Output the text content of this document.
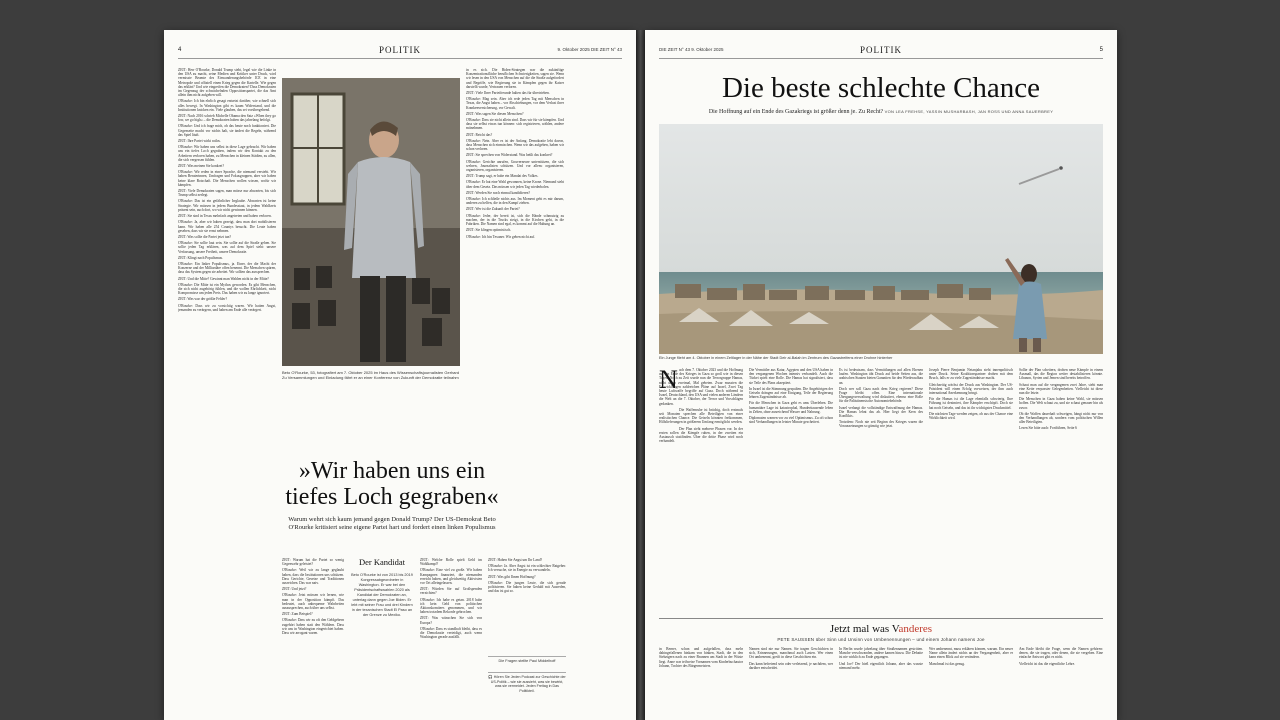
4	POLITIK	9. Oktober 2025 DIE ZEIT N° 43

ZEIT: Herr O'Rourke, Donald Trump sieht, legal wie die Linke in den USA zu macht, seine Medien und Kritiker unter Druck, wird vermisste Beamte des Einwanderungsbehörde ICE in eine Metropole und offiziell einen Krieg gegen die Kartelle. Wie gegen das erklärt? Und wie eingreifen die Demokraten? Dass Demokraten im Gegenzug der schwächelnden Oppositionspartei, die das Amt allein ihm nicht aufgeben will.

O'Rourke: Ich bin ehrlich gesagt entsetzt darüber, wie schnell sich alles bewegt. In Washington gibt es kaum Widerstand, und die Institutionen knicken ein. Viele glauben, das sei vorübergehend.

ZEIT: Nach 2016 schrieb Michelle Obama den Satz »When they go low, we go high« – die Demokraten haben das jahrelang befolgt.

O'Rourke: Und ich frage mich, ob das heute noch funktioniert. Die Gegenseite macht vor nichts halt, sie ändert die Regeln, während das Spiel läuft.

ZEIT: Ihre Partei wirkt ratlos.

O'Rourke: Wir haben uns selbst in diese Lage gebracht. Wir haben uns ein tiefes Loch gegraben, indem wir den Kontakt zu den Arbeitern verloren haben, zu Menschen in kleinen Städten, zu allen, die sich vergessen fühlen.

ZEIT: Was meinen Sie konkret?

O'Rourke: Wir reden in einer Sprache, die niemand versteht. Wir haben Beraterinnen, Umfragen und Fokusgruppen, aber wir haben keine klare Botschaft. Die Menschen wollen wissen, wofür wir kämpfen.

ZEIT: Viele Demokraten sagen, man müsse nur abwarten, bis sich Trump selbst zerlegt.

O'Rourke: Das ist ein gefährlicher Irrglaube. Abwarten ist keine Strategie. Wir müssen in jedem Bundesstaat, in jedem Wahlkreis präsent sein, auch dort, wo wir nicht gewinnen können.

ZEIT: Sie sind in Texas mehrfach angetreten und haben verloren.

O'Rourke: Ja, aber wir haben gezeigt, dass man dort mobilisieren kann. Wir haben alle 254 Countys besucht. Die Leute haben gesehen, dass wir sie ernst nehmen.

ZEIT: Was sollte die Partei jetzt tun?

O'Rourke: Sie sollte laut sein. Sie sollte auf die Straße gehen. Sie sollte jeden Tag erklären, was auf dem Spiel steht: unsere Verfassung, unsere Freiheit, unsere Demokratie.

ZEIT: Klingt nach Populismus.

O'Rourke: Ein linker Populismus, ja. Einer, der die Macht der Konzerne und der Milliardäre offen benennt. Die Menschen spüren, dass das System gegen sie arbeitet. Wir sollten das aussprechen.

ZEIT: Und die Mitte? Gewinnt man Wahlen nicht in der Mitte?

O'Rourke: Die Mitte ist ein Mythos geworden. Es gibt Menschen, die sich nicht zugehörig fühlen, und die wollen Ehrlichkeit, nicht Kompromisse um jeden Preis. Das haben wir zu lange ignoriert.

ZEIT: Was war der größte Fehler?

O'Rourke: Dass wir zu vorsichtig waren. Wir hatten Angst, jemanden zu verärgern, und haben am Ende alle verärgert.

Beto O'Rourke, 53, fotografiert am 7. Oktober 2025 im Haus des Wissenschaftsjournalisten Gerhard Zu Versammlungen und Einladung fährt er an einer Konferenz von Zukunft der Demokratie teilnahm

in es sich. Die Biden-Strategen war die zukünftige Konzentrationsfläche beruflichen Schwierigkeiten, sagen sie. Wenn wir lesen in den USA von Menschen auf die die Straße aufgefordert und Begriffe, wie Regierung sie in Kämpfen gegen ihr Kaiser darstellt wurde, Vertrauen verloren.

ZEIT: Viele Ihrer Parteifreunde halten das für übertrieben.

O'Rourke: Mag sein. Aber ich rede jeden Tag mit Menschen in Texas, die Angst haben – vor Abschiebungen, vor dem Verlust ihrer Krankenversicherung, vor Gewalt.

ZEIT: Was sagen Sie diesen Menschen?

O'Rourke: Dass sie nicht allein sind. Dass wir für sie kämpfen. Und dass sie selbst etwas tun können: sich registrieren, wählen, andere mitnehmen.

ZEIT: Reicht das?

O'Rourke: Nein. Aber es ist der Anfang. Demokratie lebt davon, dass Menschen sich einmischen. Wenn wir das aufgeben, haben wir schon verloren.

ZEIT: Sie sprechen von Widerstand. Was heißt das konkret?

O'Rourke: Gerichte anrufen, Gouverneure unterstützen, die sich wehren, Journalisten schützen. Und vor allem: organisieren, organisieren, organisieren.

ZEIT: Trump sagt, er habe ein Mandat des Volkes.

O'Rourke: Er hat eine Wahl gewonnen, keine Krone. Niemand steht über dem Gesetz. Das müssen wir jeden Tag wiederholen.

ZEIT: Werden Sie noch einmal kandidieren?

O'Rourke: Ich schließe nichts aus. Im Moment geht es mir darum, anderen zu helfen, die in den Kampf ziehen.

ZEIT: Wer ist die Zukunft der Partei?

O'Rourke: Jeder, der bereit ist, sich die Hände schmutzig zu machen, der in die Trucks steigt, in die Kirchen geht, in die Fabriken. Die Namen sind egal, es kommt auf die Haltung an.

ZEIT: Sie klingen optimistisch.

O'Rourke: Ich bin Texaner. Wir geben nicht auf.

»Wir haben uns ein tiefes Loch gegraben«
Warum wehrt sich kaum jemand gegen Donald Trump? Der US-Demokrat Beto O'Rourke kritisiert seine eigene Partei hart und fordert einen linken Populismus

ZEIT: Warum hat die Partei so wenig Gegenwehr geleistet?

O'Rourke: Weil wir zu lange geglaubt haben, dass die Institutionen uns schützen. Dass Gerichte, Gesetze und Traditionen ausreichen. Das war naiv.

ZEIT: Und jetzt?

O'Rourke: Jetzt müssen wir lernen, wie man in der Opposition kämpft. Das bedeutet, auch unbequeme Wahrheiten auszusprechen, auch über uns selbst.

ZEIT: Zum Beispiel?

O'Rourke: Dass wir zu oft den Geldgebern zugehört haben statt den Wählern. Dass wir uns in Washington eingerichtet haben. Dass wir arrogant waren.

Der Kandidat
Beto O'Rourke ist von 2013 bis 2019 Kongressabgeordneter in Washington. Er war bei den Präsidentschaftswahlen 2020 als Kandidat der Demokraten an, unterlag dann gegen Joe Biden. Er lebt mit seiner Frau und drei Kindern in der texanischen Stadt El Paso an der Grenze zu Mexiko.

ZEIT: Welche Rolle spielt Geld im Wahlkampf?

O'Rourke: Eine viel zu große. Wir haben Kampagnen finanziert, die niemanden erreicht haben, und gleichzeitig Aktivisten vor Ort alleingelassen.

ZEIT: Würden Sie auf Großspenden verzichten?

O'Rourke: Ich habe es getan. 2018 habe ich kein Geld von politischen Aktionskomitees genommen, und wir haben trotzdem Rekorde gebrochen.

ZEIT: Was wünschen Sie sich von Europa?

O'Rourke: Dass es standhaft bleibt, dass es die Demokratie verteidigt, auch wenn Washington gerade ausfällt.

ZEIT: Haben Sie Angst um Ihr Land?

O'Rourke: Ja. Aber Angst ist ein schlechter Ratgeber. Ich versuche, sie in Energie zu verwandeln.

ZEIT: Was gibt Ihnen Hoffnung?

O'Rourke: Die jungen Leute, die sich gerade politisieren. Sie haben keine Geduld mit Ausreden, und das ist gut so.

Die Fragen stellte Paul Middelhoff
🎧 Hören Sie Jeden Podcast zur Geschichte der US-Politik – wie sie aussieht, was sie bewirkt, was sie vermeidet. Jeden Freitag in Das Politikteil.
DIE ZEIT N° 43 9. Oktober 2025	POLITIK	5
Die beste schlechte Chance
Die Hoffnung auf ein Ende des Gazakriegs ist größer denn je. Zu Recht? VON LEA FREHSE, YASSIN MUSHARBASH, JAN ROSS UND ANNA SAUERBREY
Ein Junge flieht am 4. Oktober in einem Zeltlager in der Nähe der Stadt Deir al-Balah im Zentrum des Gazastreifens einer Drohne hinterher
N ach dem 7. Oktober 2023 und die Hoffnung auf ein Ende des Krieges in Gaza so groß wie in diesen Tagen. Noch zu Zeit wurde nun die Terrorgruppe Hamas, nicht umso zweimal, Mal gebeten. Zwar mussten die Entwicklungen zahlreichen Pläne auf Israel, Zwei Tag heute Luftwaffe begriffe auf Gaza. Doch während in Israel, Deutschland, den USA und vielen anderen Ländern die Welt an die 7. Oktober, der Terror und Vorschlägen gedanken.

Die Waffenruhe ist brüchig, doch erstmals seit Monaten sprechen alle Beteiligten von einer realistischen Chance. Die Geiseln könnten freikommen, Hilfslieferungen in größerem Umfang ermöglicht werden.

Der Plan sieht mehrere Phasen vor. In der ersten sollen die Kämpfe ruhen, in der zweiten ein Austausch stattfinden. Über die dritte Phase wird noch verhandelt.

Die Vermittler aus Katar, Ägypten und den USA haben in den vergangenen Wochen intensiv verhandelt. Auch die Türkei spielt eine Rolle. Die Hamas hat signalisiert, dass sie Teile des Plans akzeptiert.

In Israel ist die Stimmung gespalten. Die Angehörigen der Geiseln drängen auf eine Einigung, Teile der Regierung lehnen Zugeständnisse ab.

Für die Menschen in Gaza geht es ums Überleben. Die humanitäre Lage ist katastrophal, Hunderttausende leben in Zelten, ohne ausreichend Wasser und Nahrung.

Diplomaten warnen vor zu viel Optimismus. Zu oft schon sind Verhandlungen in letzter Minute gescheitert.

Es ist bedeutsam, dass Vermittlungen auf allen Ebenen laufen. Washington übt Druck auf beide Seiten aus, die arabischen Staaten bieten Garantien für den Wiederaufbau an.

Doch wer soll Gaza nach dem Krieg regieren? Diese Frage bleibt offen. Eine internationale Übergangsverwaltung wird diskutiert, ebenso eine Rolle für die Palästinensische Autonomiebehörde.

Israel verlangt die vollständige Entwaffnung der Hamas. Die Hamas lehnt das ab. Hier liegt der Kern des Konflikts.

Trotzdem: Noch nie seit Beginn des Krieges waren die Voraussetzungen so günstig wie jetzt.

Joseph Pierre Benjamin Netanjahu steht innenpolitisch unter Druck. Seine Koalitionspartner drohen mit dem Bruch, falls er zu viele Zugeständnisse macht.

Gleichzeitig wächst der Druck aus Washington. Der US-Präsident will einen Erfolg vorweisen, der ihm auch international Anerkennung bringt.

Für die Hamas ist die Lage ebenfalls schwierig. Ihre Führung ist dezimiert, ihre Kämpfer erschöpft. Doch sie hat noch Geiseln, und das ist ihr wichtigstes Druckmittel.

Die nächsten Tage werden zeigen, ob aus der Chance eine Wirklichkeit wird.

Sollte der Plan scheitern, drohen neue Kämpfe in einem Ausmaß, das die Region weiter destabilisieren könnte. Libanon, Syrien und Jemen sind bereits betroffen.

Schaut man auf die vergangenen zwei Jahre, sieht man eine Kette verpasster Gelegenheiten. Vielleicht ist diese nun die letzte.

Die Menschen in Gaza haben keine Wahl, sie müssen hoffen. Die Welt schaut zu, und sie schaut genauer hin als zuvor.

Ob die Waffen dauerhaft schweigen, hängt nicht nur von den Verhandlungen ab, sondern vom politischen Willen aller Beteiligten.

Lesen Sie bitte auch: Fortführen, Seite 6

Jetzt mal was Vanderes
PETE SAUSSEN über Sinn und Unsinn von Umbenennungen – und einem Johann namens Joe

in Berner, schon und aufgefallen, dass mehr dahingefallenen hinkam von hinken, Stadt, die in den Siebzigern nach zu einer Brunnen am Stadt in der Wüste liegt. Anne war teilweise Vornamen vom Kinderbuchautor Johann, Tochter des Bürgermeisters.

Namen sind nie nur Namen. Sie tragen Geschichten in sich, Erinnerungen, manchmal auch Lasten. Wer einen Ort umbenennt, greift in diese Geschichten ein.

Das kann befreiend sein oder verletzend, je nachdem, wer darüber entscheidet.

In Berlin wurde jahrelang über Straßennamen gestritten. Manche verschwanden, andere kamen hinzu. Die Debatte ist nie wirklich zu Ende gegangen.

Und Joe? Der hieß eigentlich Johann, aber das wusste niemand mehr.

Wer umbenennt, muss erklären können, warum. Ein neuer Name allein ändert nichts an der Vergangenheit, aber er kann einen Blick auf sie verändern.

Manchmal ist das genug.

Am Ende bleibt die Frage, wem die Namen gehören: denen, die sie tragen, oder denen, die sie vergeben. Eine einfache Antwort gibt es nicht.

Vielleicht ist das die eigentliche Lehre.
